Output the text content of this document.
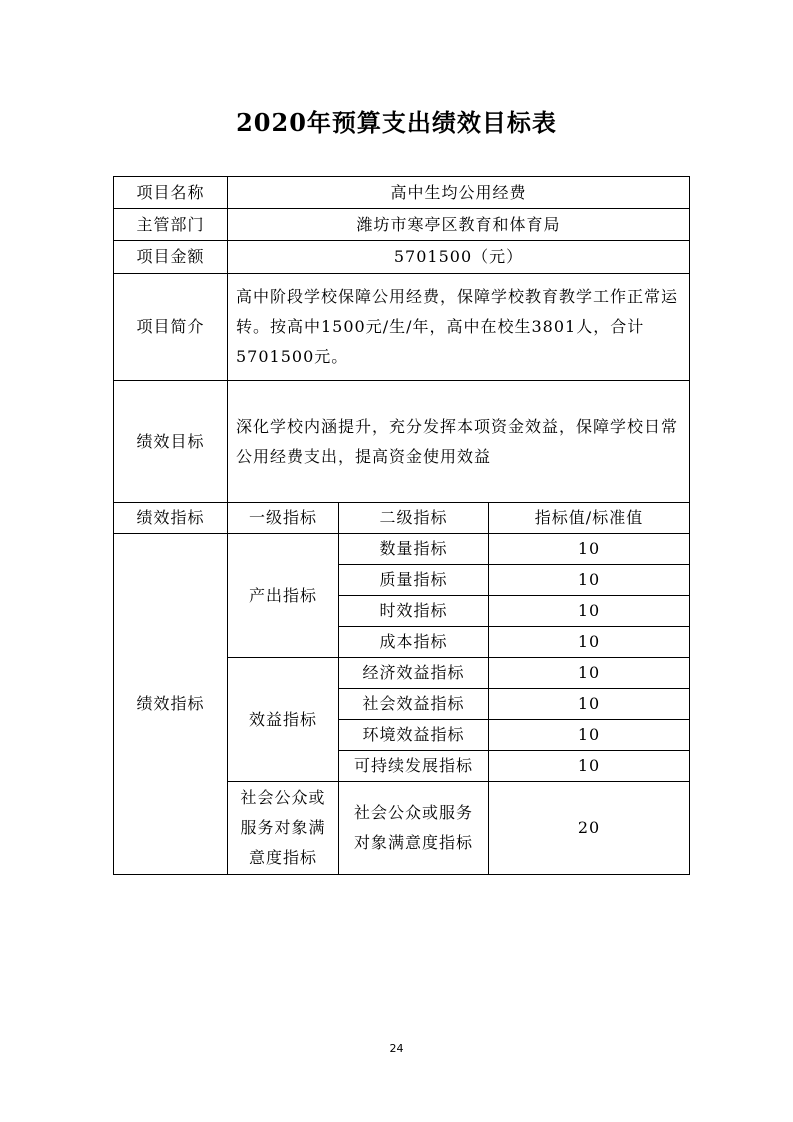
2020年预算支出绩效目标表
项目名称	高中生均公用经费		
主管部门	潍坊市寒亭区教育和体育局		
项目金额	5701500（元）		
项目简介	高中阶段学校保障公用经费，保障学校教育教学工作正常运转。按高中1500元/生/年，高中在校生3801人，合计5701500元。		
绩效目标	深化学校内涵提升，充分发挥本项资金效益，保障学校日常公用经费支出，提高资金使用效益		
绩效指标	一级指标	二级指标	指标值/标准值
绩效指标	产出指标	数量指标	10
		质量指标	10
		时效指标	10
		成本指标	10
	效益指标	经济效益指标	10
		社会效益指标	10
		环境效益指标	10
		可持续发展指标	10
	社会公众或服务对象满意度指标	社会公众或服务对象满意度指标	20
24
